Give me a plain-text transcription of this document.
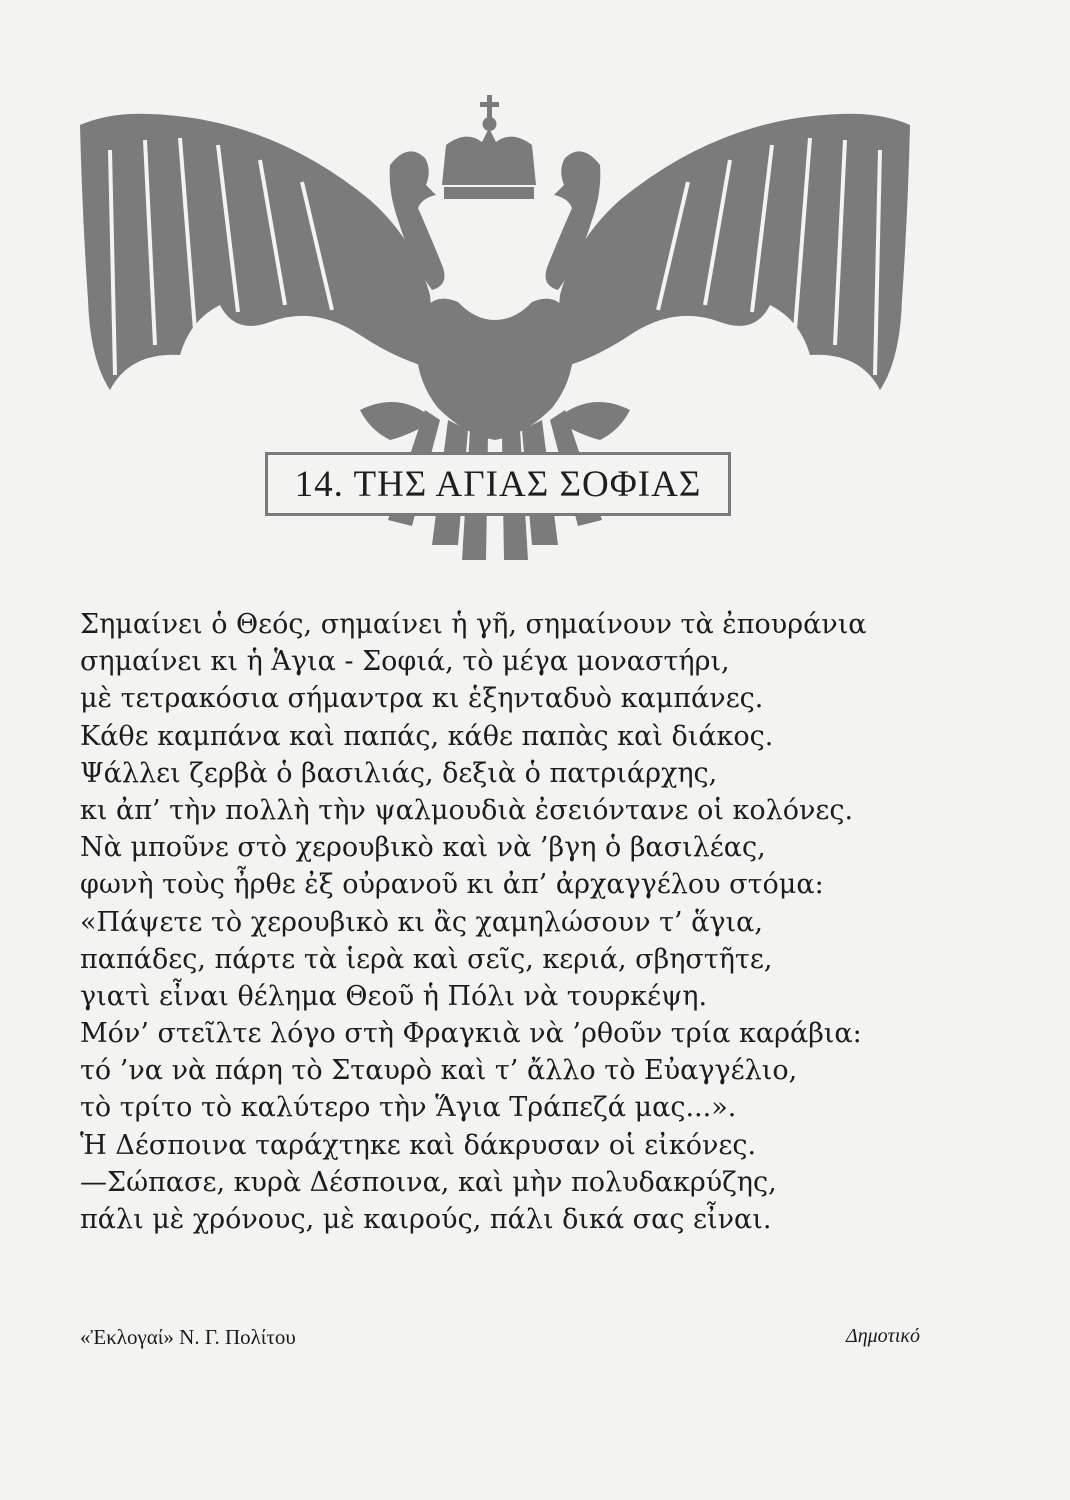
14. ΤΗΣ ΑΓΙΑΣ ΣΟΦΙΑΣ
Σημαίνει ὁ Θεός, σημαίνει ἡ γῆ, σημαίνουν τὰ ἐπουράνια
σημαίνει κι ἡ Ἁγια - Σοφιά, τὸ μέγα μοναστήρι,
μὲ τετρακόσια σήμαντρα κι ἑξηνταδυὸ καμπάνες.
Κάθε καμπάνα καὶ παπάς, κάθε παπὰς καὶ διάκος.
Ψάλλει ζερβὰ ὁ βασιλιάς, δεξιὰ ὁ πατριάρχης,
κι ἀπ’ τὴν πολλὴ τὴν ψαλμουδιὰ ἐσειόντανε οἱ κολόνες.
Νὰ μποῦνε στὸ χερουβικὸ καὶ νὰ ’βγη ὁ βασιλέας,
φωνὴ τοὺς ἦρθε ἐξ οὐρανοῦ κι ἀπ’ ἀρχαγγέλου στόμα:
«Πάψετε τὸ χερουβικὸ κι ἂς χαμηλώσουν τ’ ἅγια,
παπάδες, πάρτε τὰ ἱερὰ καὶ σεῖς, κεριά, σβηστῆτε,
γιατὶ εἶναι θέλημα Θεοῦ ἡ Πόλι νὰ τουρκέψη.
Μόν’ στεῖλτε λόγο στὴ Φραγκιὰ νὰ ’ρθοῦν τρία καράβια:
τό ’να νὰ πάρη τὸ Σταυρὸ καὶ τ’ ἄλλο τὸ Εὐαγγέλιο,
τὸ τρίτο τὸ καλύτερο τὴν Ἅγια Τράπεζά μας...».
Ἡ Δέσποινα ταράχτηκε καὶ δάκρυσαν οἱ εἰκόνες.
—Σώπασε, κυρὰ Δέσποινα, καὶ μὴν πολυδακρύζης,
πάλι μὲ χρόνους, μὲ καιρούς, πάλι δικά σας εἶναι.
«Ἐκλογαί» Ν. Γ. Πολίτου	Δημοτικό
